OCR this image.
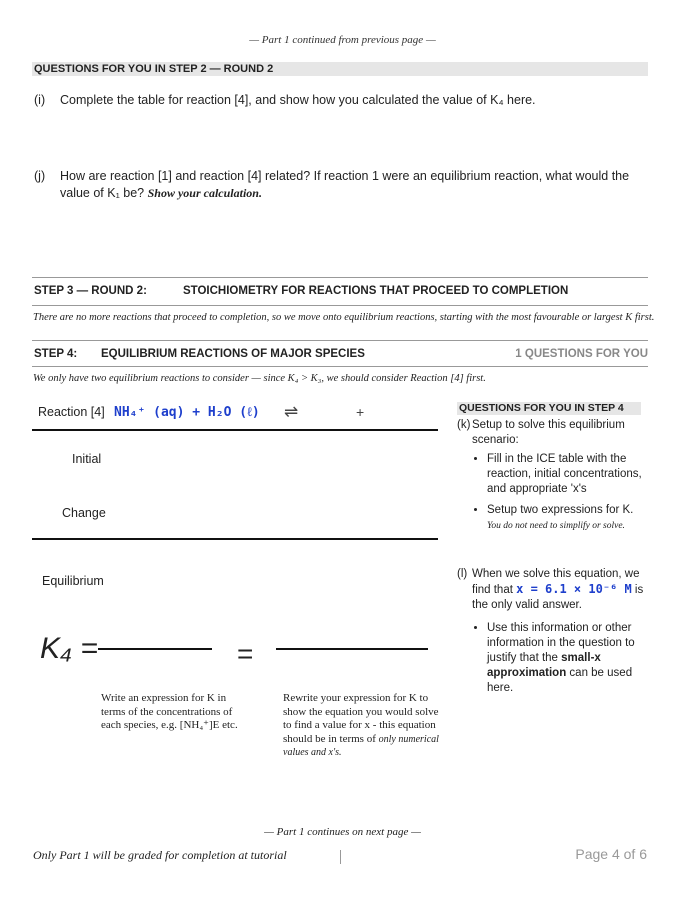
— Part 1 continued from previous page —
QUESTIONS FOR YOU IN STEP 2 — ROUND 2
(i) Complete the table for reaction [4], and show how you calculated the value of K₄ here.
(j) How are reaction [1] and reaction [4] related? If reaction 1 were an equilibrium reaction, what would the value of K₁ be? Show your calculation.
STEP 3 — ROUND 2:	STOICHIOMETRY FOR REACTIONS THAT PROCEED TO COMPLETION
There are no more reactions that proceed to completion, so we move onto equilibrium reactions, starting with the most favourable or largest K first.
STEP 4: EQUILIBRIUM REACTIONS OF MAJOR SPECIES	1 QUESTIONS FOR YOU
We only have two equilibrium reactions to consider — since K₄ > K₃, we should consider Reaction [4] first.
Reaction [4] NH₄⁺ (aq) + H₂O (ℓ) ⇌	+
Initial
Change
Equilibrium
K₄ =	=
Write an expression for K in terms of the concentrations of each species, e.g. [NH₄⁺]E etc.
Rewrite your expression for K to show the equation you would solve to find a value for x - this equation should be in terms of only numerical values and x's.
QUESTIONS FOR YOU IN STEP 4
(k) Setup to solve this equilibrium scenario:
• Fill in the ICE table with the reaction, initial concentrations, and appropriate 'x's
• Setup two expressions for K.
You do not need to simplify or solve.
(l) When we solve this equation, we find that x = 6.1 × 10⁻⁶ M is the only valid answer.
• Use this information or other information in the question to justify that the small-x approximation can be used here.
— Part 1 continues on next page —
Only Part 1 will be graded for completion at tutorial	Page 4 of 6
